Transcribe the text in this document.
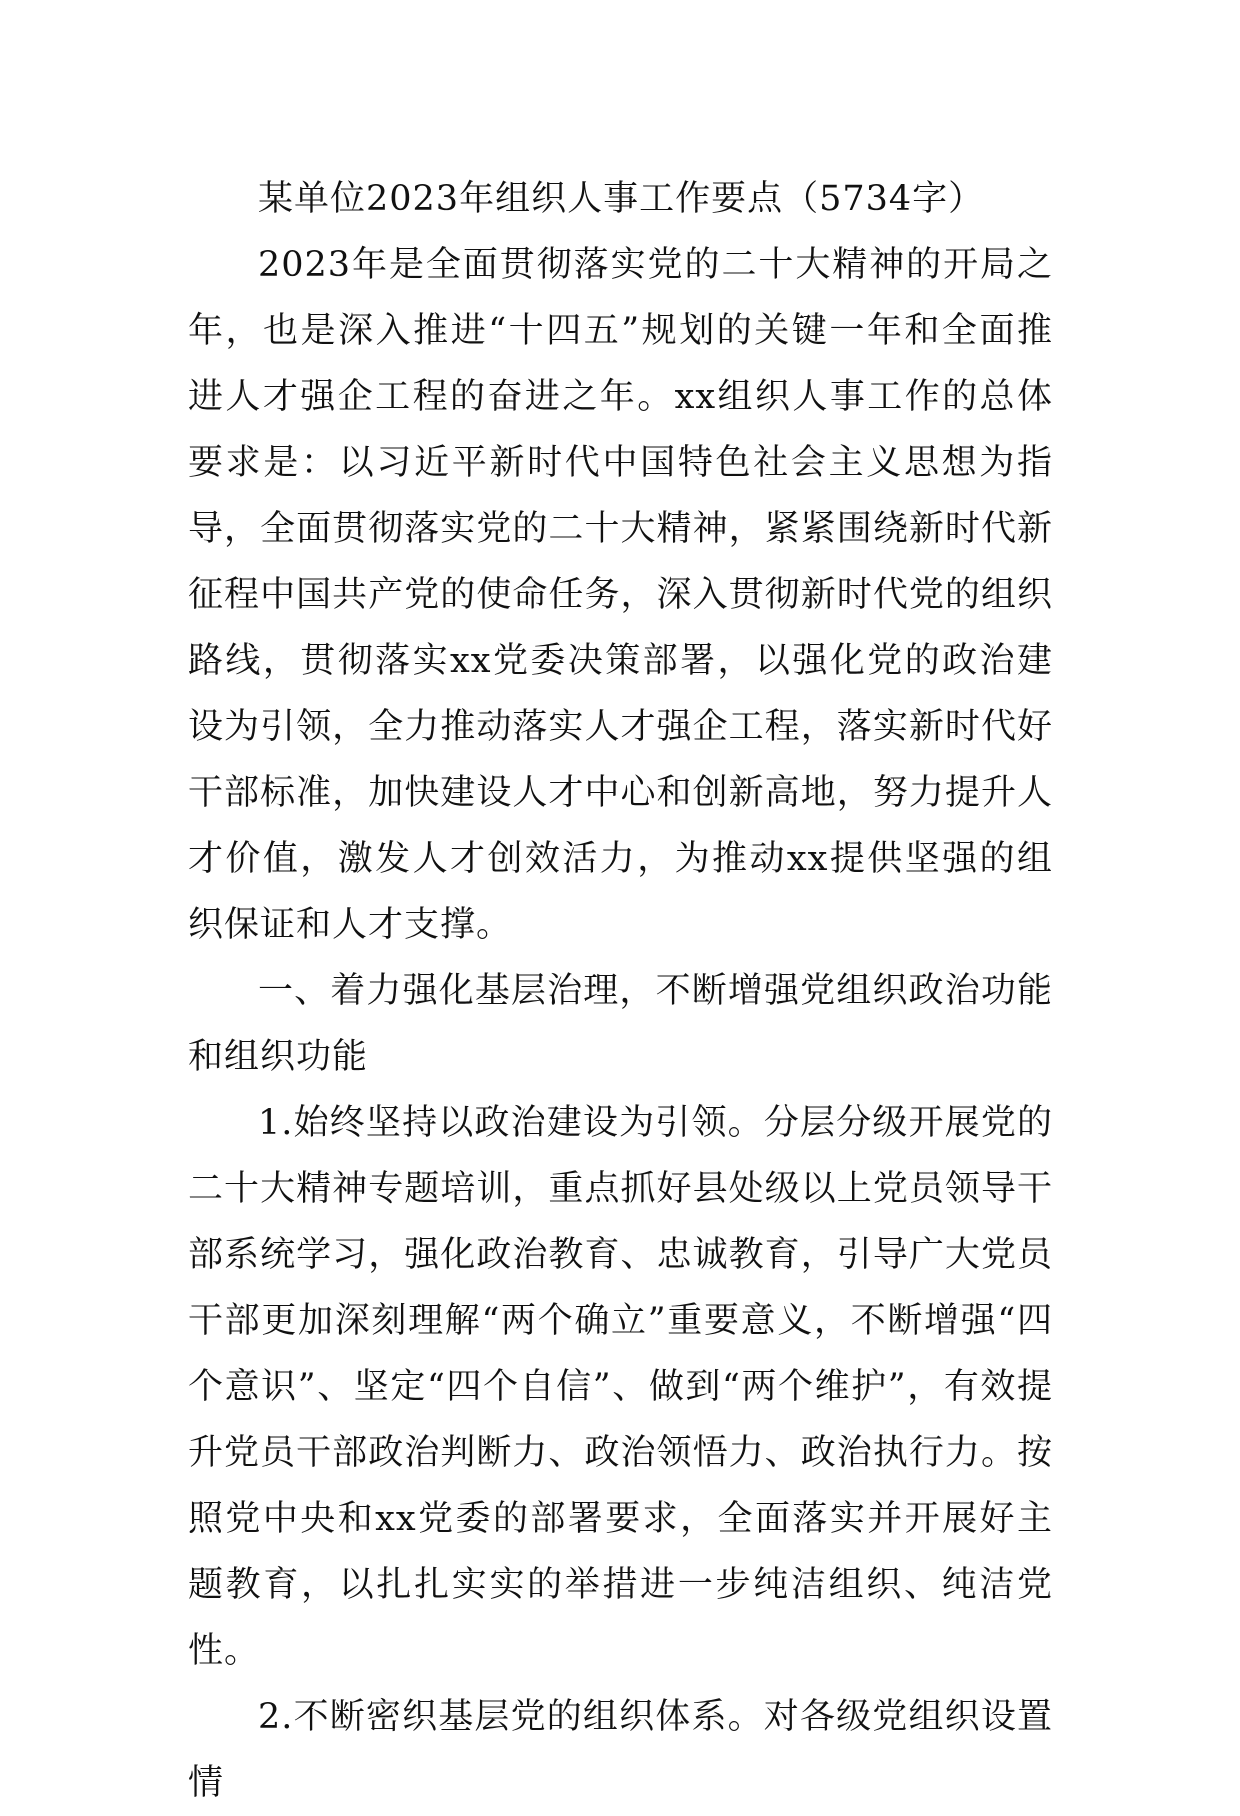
某单位2023年组织人事工作要点（5734字）

2023年是全面贯彻落实党的二十大精神的开局之年，也是深入推进“十四五”规划的关键一年和全面推进人才强企工程的奋进之年。xx组织人事工作的总体要求是：以习近平新时代中国特色社会主义思想为指导，全面贯彻落实党的二十大精神，紧紧围绕新时代新征程中国共产党的使命任务，深入贯彻新时代党的组织路线，贯彻落实xx党委决策部署，以强化党的政治建设为引领，全力推动落实人才强企工程，落实新时代好干部标准，加快建设人才中心和创新高地，努力提升人才价值，激发人才创效活力，为推动xx提供坚强的组织保证和人才支撑。

一、着力强化基层治理，不断增强党组织政治功能和组织功能

1.始终坚持以政治建设为引领。分层分级开展党的二十大精神专题培训，重点抓好县处级以上党员领导干部系统学习，强化政治教育、忠诚教育，引导广大党员干部更加深刻理解“两个确立”重要意义，不断增强“四个意识”、坚定“四个自信”、做到“两个维护”，有效提升党员干部政治判断力、政治领悟力、政治执行力。按照党中央和xx党委的部署要求，全面落实并开展好主题教育，以扎扎实实的举措进一步纯洁组织、纯洁党性。

2.不断密织基层党的组织体系。对各级党组织设置情
